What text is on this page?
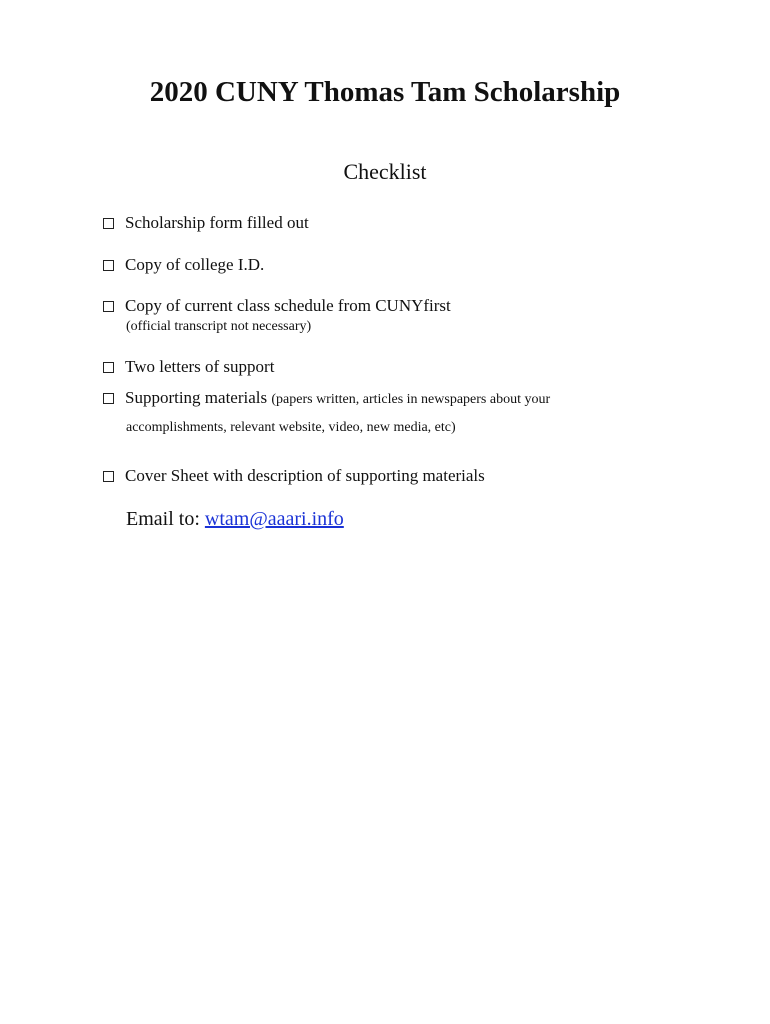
2020 CUNY Thomas Tam Scholarship
Checklist
Scholarship form filled out
Copy of college I.D.
Copy of current class schedule from CUNYfirst
(official transcript not necessary)
Two letters of support
Supporting materials (papers written, articles in newspapers about your
accomplishments, relevant website, video, new media, etc)
Cover Sheet with description of supporting materials
Email to: wtam@aaari.info
